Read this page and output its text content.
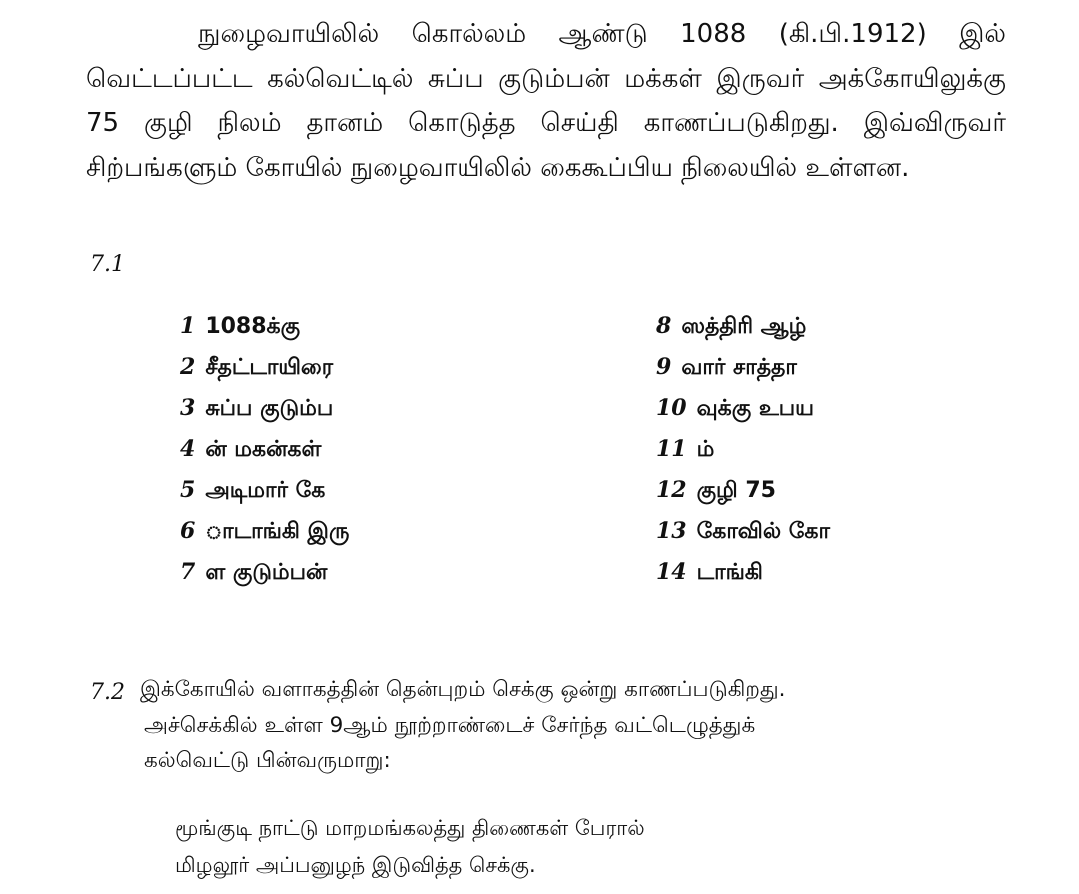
நுழைவாயிலில் கொல்லம் ஆண்டு 1088 (கி.பி.1912) இல் வெட்டப்பட்ட கல்வெட்டில் சுப்ப குடும்பன் மக்கள் இருவர் அக்கோயிலுக்கு 75 குழி நிலம் தானம் கொடுத்த செய்தி காணப்படுகிறது. இவ்விருவர் சிற்பங்களும் கோயில் நுழைவாயிலில் கைகூப்பிய நிலையில் உள்ளன.

7.1
1 1088க்கு
2 சீதட்டாயிரை
3 சுப்ப குடும்ப
4 ன் மகன்கள்
5 அடிமார் கே
6 ாடாங்கி இரு
7 ள குடும்பன்
8 ஸத்திரி ஆழ்
9 வார் சாத்தா
10 வுக்கு உபய
11 ம்
12 குழி 75
13 கோவில் கோ
14 டாங்கி
7.2 இக்கோயில் வளாகத்தின் தென்புறம் செக்கு ஒன்று காணப்படுகிறது.
அச்செக்கில் உள்ள 9ஆம் நூற்றாண்டைச் சேர்ந்த வட்டெழுத்துக்
கல்வெட்டு பின்வருமாறு:

மூங்குடி நாட்டு மாறமங்கலத்து திணைகள் பேரால்
மிழலூர் அப்பனுழந் இடுவித்த செக்கு.
